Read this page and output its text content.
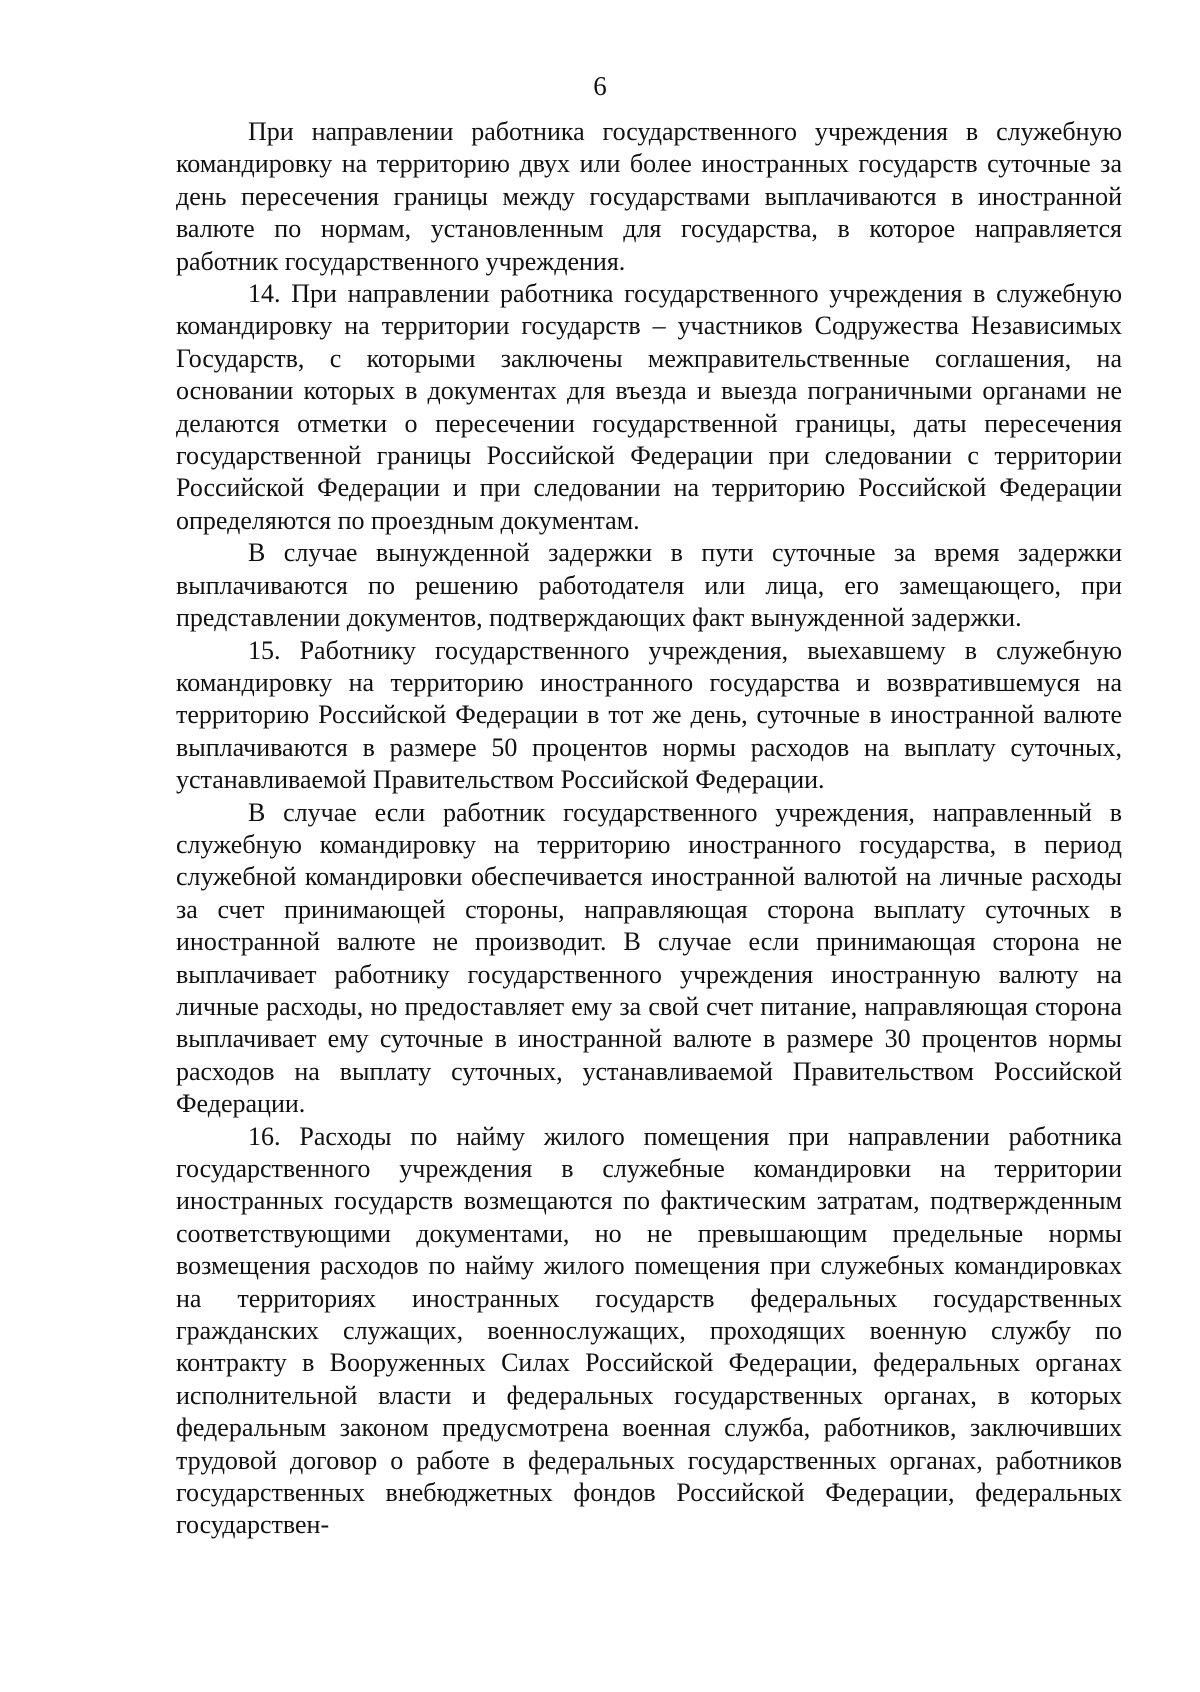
6

При направлении работника государственного учреждения в служебную командировку на территорию двух или более иностранных государств суточные за день пересечения границы между государствами выплачиваются в иностранной валюте по нормам, установленным для государства, в которое направляется работник государственного учреждения.

14. При направлении работника государственного учреждения в служебную командировку на территории государств – участников Содружества Независимых Государств, с которыми заключены межправительственные соглашения, на основании которых в документах для въезда и выезда пограничными органами не делаются отметки о пересечении государственной границы, даты пересечения государственной границы Российской Федерации при следовании с территории Российской Федерации и при следовании на территорию Российской Федерации определяются по проездным документам.

В случае вынужденной задержки в пути суточные за время задержки выплачиваются по решению работодателя или лица, его замещающего, при представлении документов, подтверждающих факт вынужденной задержки.

15. Работнику государственного учреждения, выехавшему в служебную командировку на территорию иностранного государства и возвратившемуся на территорию Российской Федерации в тот же день, суточные в иностранной валюте выплачиваются в размере 50 процентов нормы расходов на выплату суточных, устанавливаемой Правительством Российской Федерации.

В случае если работник государственного учреждения, направленный в служебную командировку на территорию иностранного государства, в период служебной командировки обеспечивается иностранной валютой на личные расходы за счет принимающей стороны, направляющая сторона выплату суточных в иностранной валюте не производит. В случае если принимающая сторона не выплачивает работнику государственного учреждения иностранную валюту на личные расходы, но предоставляет ему за свой счет питание, направляющая сторона выплачивает ему суточные в иностранной валюте в размере 30 процентов нормы расходов на выплату суточных, устанавливаемой Правительством Российской Федерации.

16. Расходы по найму жилого помещения при направлении работника государственного учреждения в служебные командировки на территории иностранных государств возмещаются по фактическим затратам, подтвержденным соответствующими документами, но не превышающим предельные нормы возмещения расходов по найму жилого помещения при служебных командировках на территориях иностранных государств федеральных государственных гражданских служащих, военнослужащих, проходящих военную службу по контракту в Вооруженных Силах Российской Федерации, федеральных органах исполнительной власти и федеральных государственных органах, в которых федеральным законом предусмотрена военная служба, работников, заключивших трудовой договор о работе в федеральных государственных органах, работников государственных внебюджетных фондов Российской Федерации, федеральных государствен-
